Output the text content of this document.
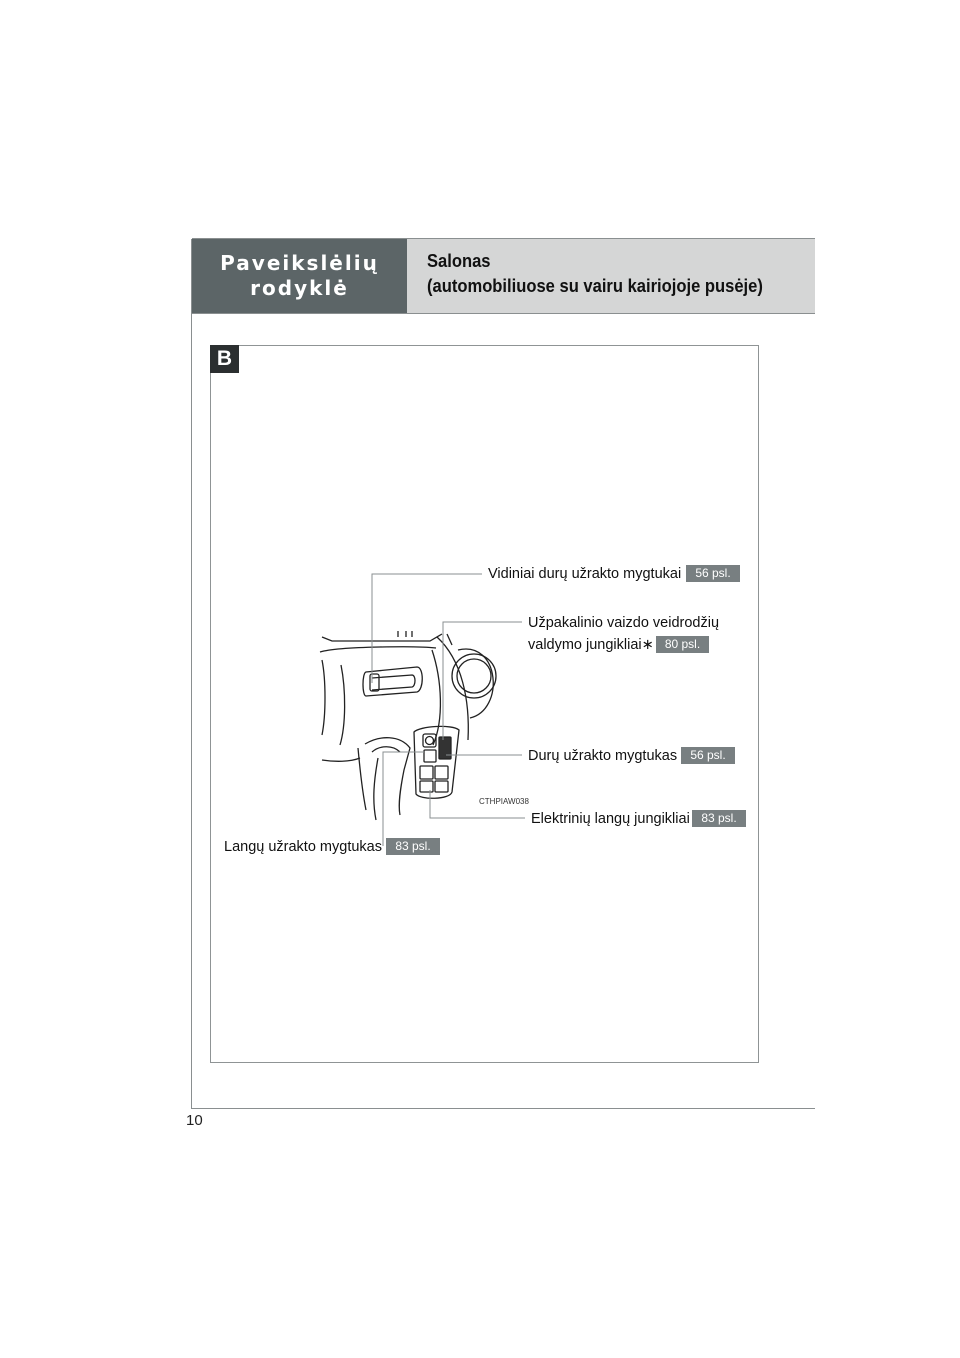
Paveikslėlių
rodyklė
Salonas
(automobiliuose su vairu kairiojoje pusėje)
B
Vidiniai durų užrakto mygtukai	56 psl.
Užpakalinio vaizdo veidrodžių
valdymo jungikliai∗ 80 psl.
Durų užrakto mygtukas	56 psl.
CTHPIAW038
Elektrinių langų jungikliai 83 psl.
Langų užrakto mygtukas	83 psl.
10
